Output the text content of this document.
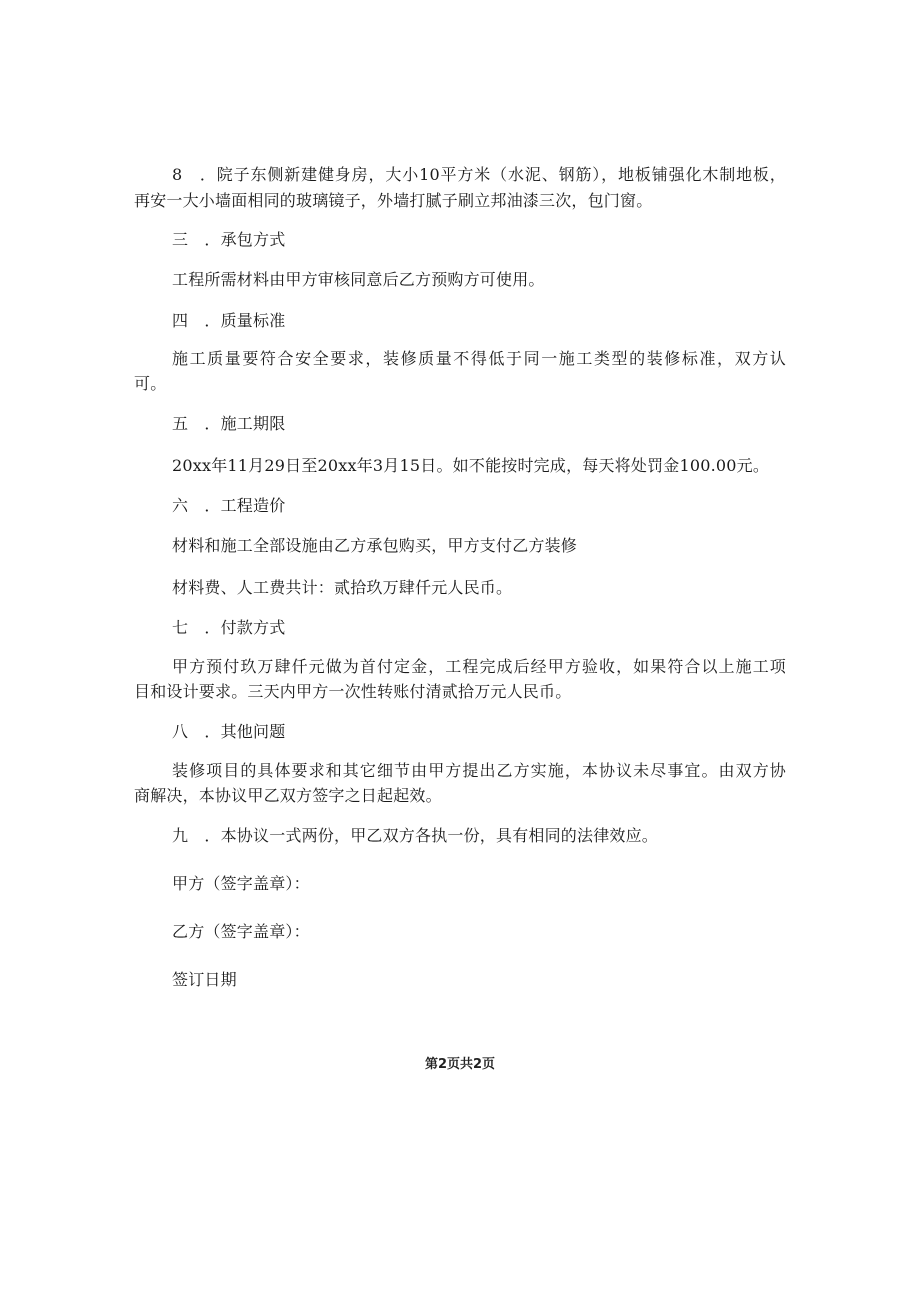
8　．院子东侧新建健身房，大小10平方米（水泥、钢筋），地板铺强化木制地板，
再安一大小墙面相同的玻璃镜子，外墙打腻子刷立邦油漆三次，包门窗。
三　．承包方式
工程所需材料由甲方审核同意后乙方预购方可使用。
四　．质量标准
施工质量要符合安全要求，装修质量不得低于同一施工类型的装修标准，双方认
可。
五　．施工期限
20xx年11月29日至20xx年3月15日。如不能按时完成，每天将处罚金100.00元。
六　．工程造价
材料和施工全部设施由乙方承包购买，甲方支付乙方装修
材料费、人工费共计：贰拾玖万肆仟元人民币。
七　．付款方式
甲方预付玖万肆仟元做为首付定金，工程完成后经甲方验收，如果符合以上施工项
目和设计要求。三天内甲方一次性转账付清贰拾万元人民币。
八　．其他问题
装修项目的具体要求和其它细节由甲方提出乙方实施，本协议未尽事宜。由双方协
商解决，本协议甲乙双方签字之日起起效。
九　．本协议一式两份，甲乙双方各执一份，具有相同的法律效应。
甲方（签字盖章）：
乙方（签字盖章）：
签订日期
第2页共2页
